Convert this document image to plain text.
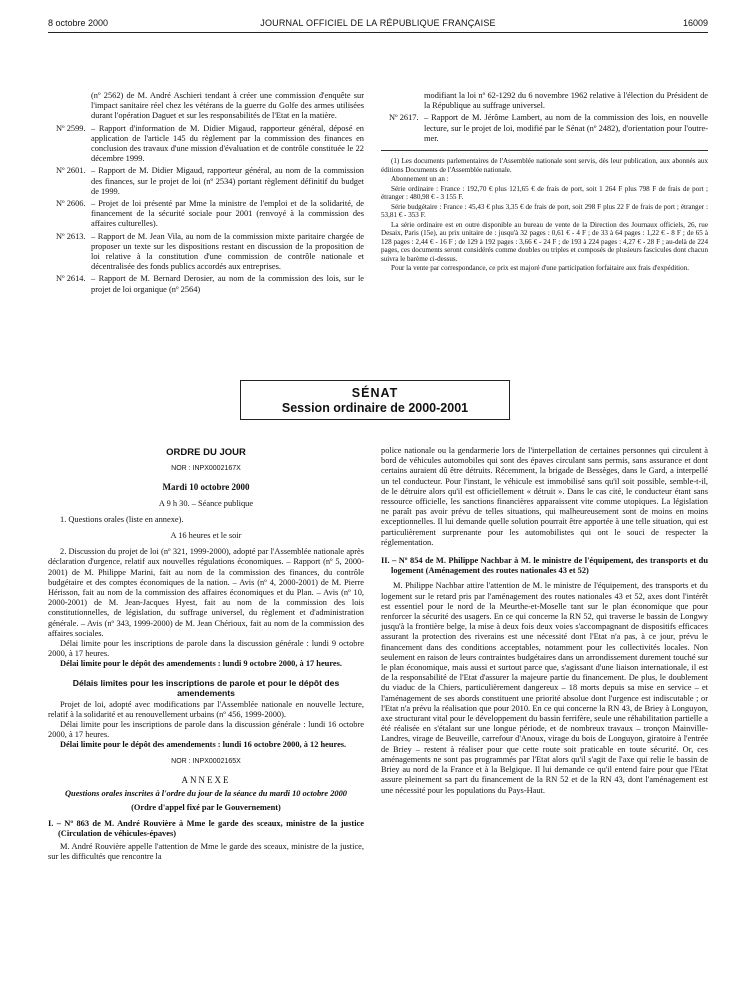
8 octobre 2000	JOURNAL OFFICIEL DE LA RÉPUBLIQUE FRANÇAISE	16009
(nº 2562) de M. André Aschieri tendant à créer une commission d'enquête sur l'impact sanitaire réel chez les vétérans de la guerre du Golfe des armes utilisées durant l'opération Daguet et sur les responsabilités de l'Etat en la matière.
Nº 2599. – Rapport d'information de M. Didier Migaud, rapporteur général, déposé en application de l'article 145 du règlement par la commission des finances en conclusion des travaux d'une mission d'évaluation et de contrôle constituée le 22 décembre 1999.
Nº 2601. – Rapport de M. Didier Migaud, rapporteur général, au nom de la commission des finances, sur le projet de loi (nº 2534) portant règlement définitif du budget de 1999.
Nº 2606. – Projet de loi présenté par Mme la ministre de l'emploi et de la solidarité, de financement de la sécurité sociale pour 2001 (renvoyé à la commission des affaires culturelles).
Nº 2613. – Rapport de M. Jean Vila, au nom de la commission mixte paritaire chargée de proposer un texte sur les dispositions restant en discussion de la proposition de loi relative à la constitution d'une commission de contrôle nationale et décentralisée des fonds publics accordés aux entreprises.
Nº 2614. – Rapport de M. Bernard Derosier, au nom de la commission des lois, sur le projet de loi organique (nº 2564)
modifiant la loi nº 62-1292 du 6 novembre 1962 relative à l'élection du Président de la République au suffrage universel.
Nº 2617. – Rapport de M. Jérôme Lambert, au nom de la commission des lois, en nouvelle lecture, sur le projet de loi, modifié par le Sénat (nº 2482), d'orientation pour l'outre-mer.

(1) Les documents parlementaires de l'Assemblée nationale sont servis, dès leur publication, aux abonnés aux éditions Documents de l'Assemblée nationale.

Abonnement un an :

Série ordinaire : France : 192,70 € plus 121,65 € de frais de port, soit 1 264 F plus 798 F de frais de port ; étranger : 480,98 € - 3 155 F.

Série budgétaire : France : 45,43 € plus 3,35 € de frais de port, soit 298 F plus 22 F de frais de port ; étranger : 53,81 € - 353 F.

La série ordinaire est en outre disponible au bureau de vente de la Direction des Journaux officiels, 26, rue Desaix, Paris (15e), au prix unitaire de : jusqu'à 32 pages : 0,61 € - 4 F ; de 33 à 64 pages : 1,22 € - 8 F ; de 65 à 128 pages : 2,44 € - 16 F ; de 129 à 192 pages : 3,66 € - 24 F ; de 193 à 224 pages : 4,27 € - 28 F ; au-delà de 224 pages, ces documents seront considérés comme doubles ou triples et composés de plusieurs fascicules dont chacun suivra le barème ci-dessus.

Pour la vente par correspondance, ce prix est majoré d'une participation forfaitaire aux frais d'expédition.

SÉNAT
Session ordinaire de 2000-2001
ORDRE DU JOUR
NOR : INPX0002167X
Mardi 10 octobre 2000
A 9 h 30. – Séance publique
1. Questions orales (liste en annexe).
A 16 heures et le soir
2. Discussion du projet de loi (nº 321, 1999-2000), adopté par l'Assemblée nationale après déclaration d'urgence, relatif aux nouvelles régulations économiques. – Rapport (nº 5, 2000-2001) de M. Philippe Marini, fait au nom de la commission des finances, du contrôle budgétaire et des comptes économiques de la nation. – Avis (nº 4, 2000-2001) de M. Pierre Hérisson, fait au nom de la commission des affaires économiques et du Plan. – Avis (nº 10, 2000-2001) de M. Jean-Jacques Hyest, fait au nom de la commission des lois constitutionnelles, de législation, du suffrage universel, du règlement et d'administration générale. – Avis (nº 343, 1999-2000) de M. Jean Chérioux, fait au nom de la commission des affaires sociales.
Délai limite pour les inscriptions de parole dans la discussion générale : lundi 9 octobre 2000, à 17 heures.
Délai limite pour le dépôt des amendements : lundi 9 octobre 2000, à 17 heures.
Délais limites pour les inscriptions de parole et pour le dépôt des amendements
Projet de loi, adopté avec modifications par l'Assemblée nationale en nouvelle lecture, relatif à la solidarité et au renouvellement urbains (nº 456, 1999-2000).
Délai limite pour les inscriptions de parole dans la discussion générale : lundi 16 octobre 2000, à 17 heures.
Délai limite pour le dépôt des amendements : lundi 16 octobre 2000, à 12 heures.
NOR : INPX0002165X
ANNEXE
Questions orales inscrites à l'ordre du jour de la séance du mardi 10 octobre 2000
(Ordre d'appel fixé par le Gouvernement)
I. – Nº 863 de M. André Rouvière à Mme le garde des sceaux, ministre de la justice (Circulation de véhicules-épaves)
M. André Rouvière appelle l'attention de Mme le garde des sceaux, ministre de la justice, sur les difficultés que rencontre la
police nationale ou la gendarmerie lors de l'interpellation de certaines personnes qui circulent à bord de véhicules automobiles qui sont des épaves circulant sans permis, sans assurance et dont certains auraient dû être détruits. Récemment, la brigade de Bessèges, dans le Gard, a interpellé un tel conducteur. Pour l'instant, le véhicule est immobilisé sans qu'il soit possible, semble-t-il, de le détruire alors qu'il est officiellement « détruit ». Dans le cas cité, le conducteur étant sans ressource officielle, les sanctions financières apparaissent vite comme utopiques. La législation ne paraît pas avoir prévu de telles situations, qui malheureusement sont de moins en moins exceptionnelles. Il lui demande quelle solution pourrait être apportée à une telle situation, qui est particulièrement surprenante pour les automobilistes qui ont le souci de respecter la réglementation.
II. – Nº 854 de M. Philippe Nachbar à M. le ministre de l'équipement, des transports et du logement (Aménagement des routes nationales 43 et 52)
M. Philippe Nachbar attire l'attention de M. le ministre de l'équipement, des transports et du logement sur le retard pris par l'aménagement des routes nationales 43 et 52, axes dont l'intérêt est essentiel pour le nord de la Meurthe-et-Moselle tant sur le plan économique que pour renforcer la sécurité des usagers. En ce qui concerne la RN 52, qui traverse le bassin de Longwy jusqu'à la frontière belge, la mise à deux fois deux voies s'accompagnant de dispositifs efficaces assurant la protection des riverains est une nécessité dont l'Etat n'a pas, à ce jour, prévu le financement dans des conditions acceptables, notamment pour les collectivités locales. Non seulement en raison de leurs contraintes budgétaires dans un arrondissement durement touché sur le plan économique, mais aussi et surtout parce que, s'agissant d'une liaison internationale, il est de la responsabilité de l'Etat d'assurer la majeure partie du financement. De plus, le doublement du viaduc de la Chiers, particulièrement dangereux – 18 morts depuis sa mise en service – et l'aménagement de ses abords constituent une priorité absolue dont l'urgence est indiscutable ; or l'Etat n'a prévu la réalisation que pour 2010. En ce qui concerne la RN 43, de Briey à Longuyon, axe structurant vital pour le développement du bassin ferrifère, seule une réhabilitation partielle a été réalisée en s'étalant sur une longue période, et de nombreux travaux – tronçon Mainville-Landres, virage de Beuveille, carrefour d'Anoux, virage du bois de Longuyon, giratoire à l'entrée de Briey – restent à réaliser pour que cette route soit praticable en toute sécurité. Or, ces aménagements ne sont pas programmés par l'Etat alors qu'il s'agit de l'axe qui relie le bassin de Briey au nord de la France et à la Belgique. Il lui demande ce qu'il entend faire pour que l'Etat assure pleinement sa part du financement de la RN 52 et de la RN 43, dont l'aménagement est une nécessité pour les populations du Pays-Haut.
